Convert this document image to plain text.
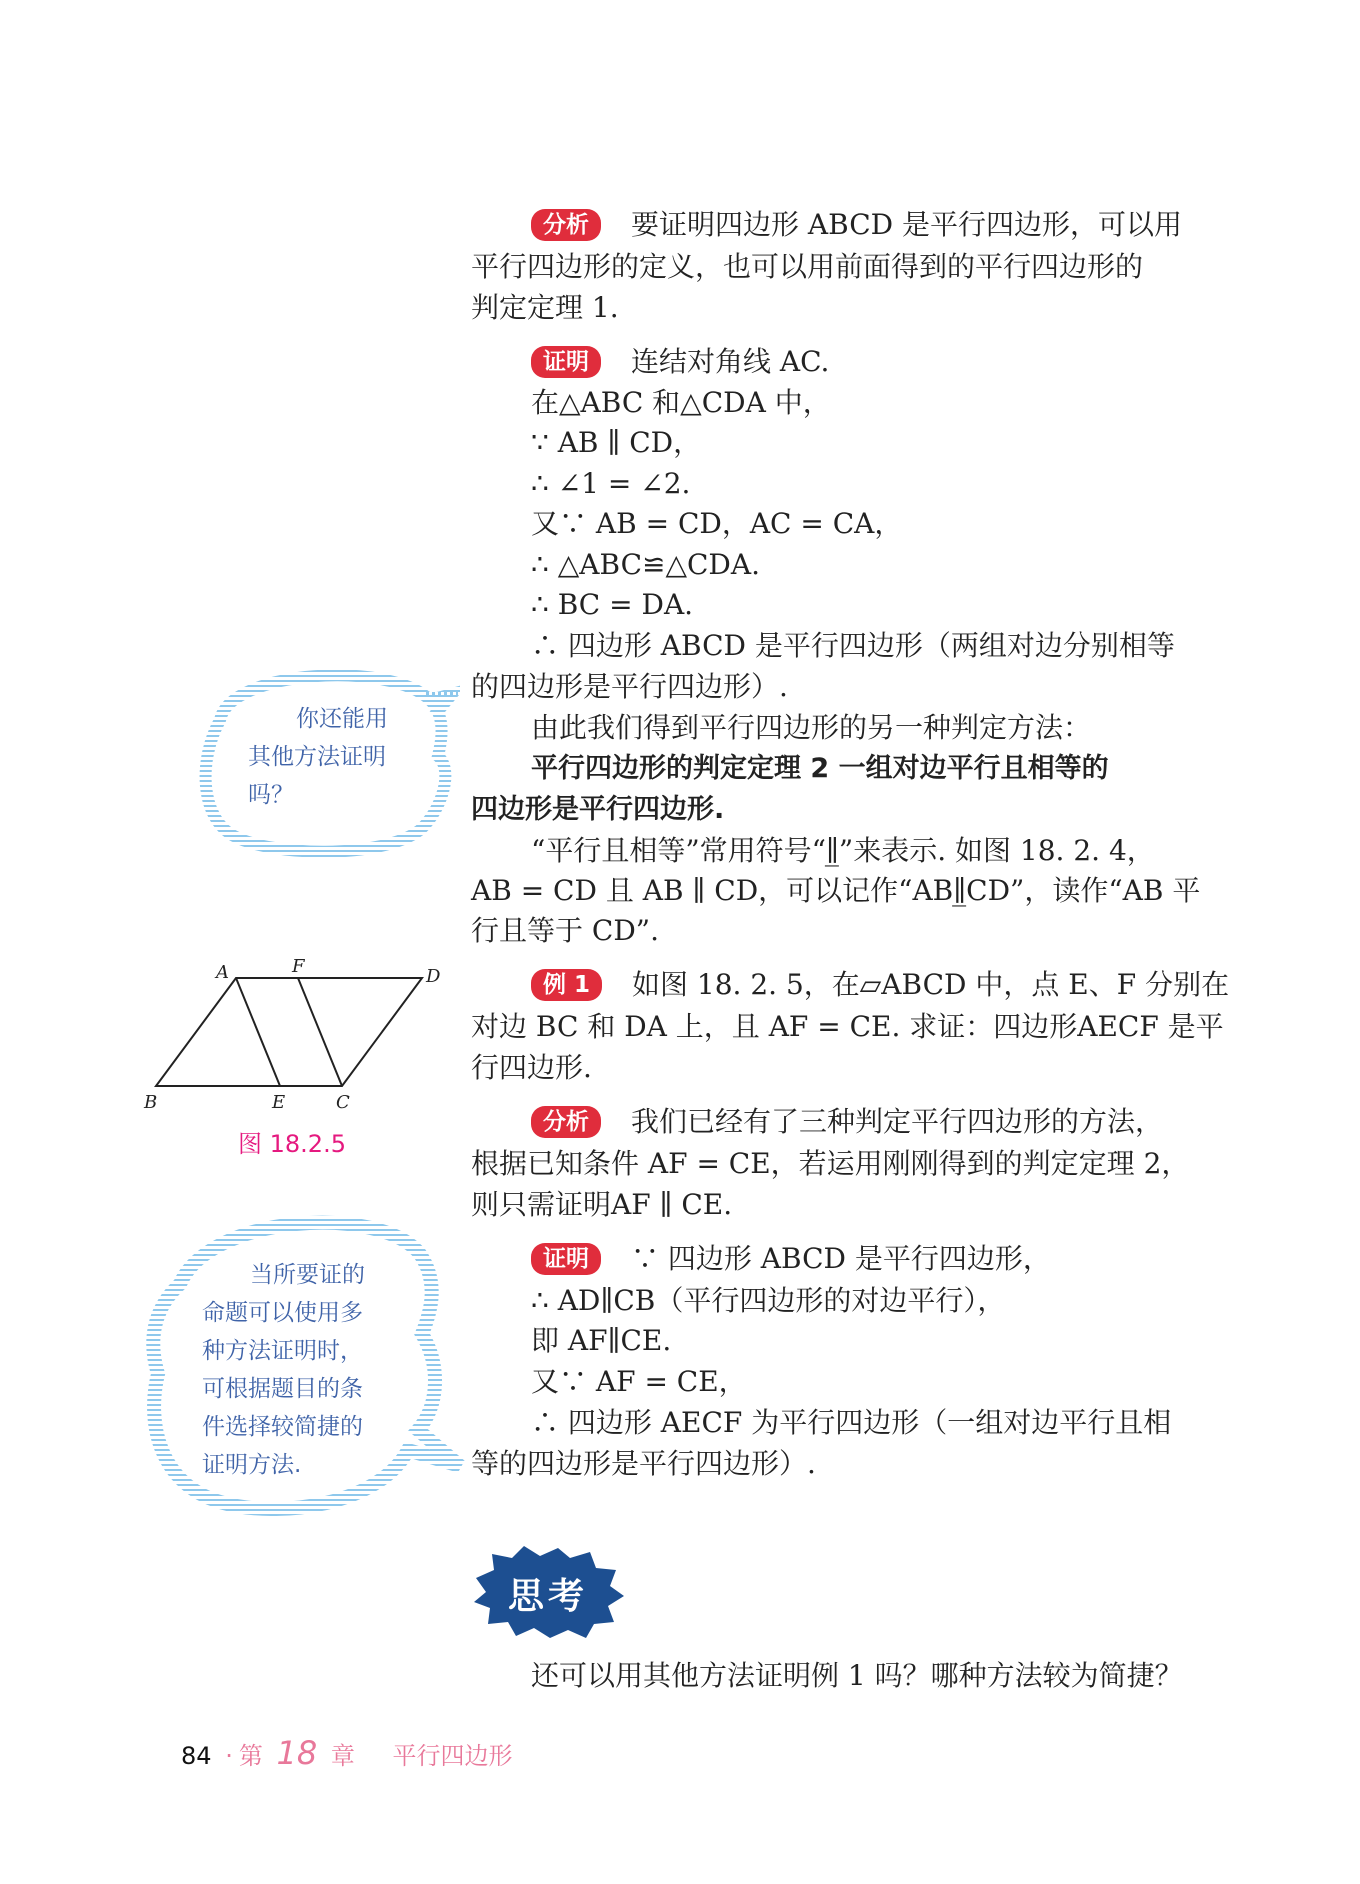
分析 要证明四边形 ABCD 是平行四边形，可以用
平行四边形的定义，也可以用前面得到的平行四边形的
判定定理 1.
证明 连结对角线 AC.
在△ABC 和△CDA 中，
∵ AB ∥ CD，
∴ ∠1 = ∠2.
又∵ AB = CD，AC = CA，
∴ △ABC≌△CDA.
∴ BC = DA.
∴ 四边形 ABCD 是平行四边形（两组对边分别相等
的四边形是平行四边形）.
由此我们得到平行四边形的另一种判定方法：
平行四边形的判定定理 2 一组对边平行且相等的
四边形是平行四边形.
“平行且相等”常用符号“∥̲”来表示. 如图 18. 2. 4，
AB = CD 且 AB ∥ CD，可以记作“AB∥̲CD”，读作“AB 平
行且等于 CD”.
例 1 如图 18. 2. 5，在▱ABCD 中，点 E、F 分别在
对边 BC 和 DA 上，且 AF = CE. 求证：四边形AECF 是平
行四边形.
分析 我们已经有了三种判定平行四边形的方法，
根据已知条件 AF = CE，若运用刚刚得到的判定定理 2，
则只需证明AF ∥ CE.
证明 ∵ 四边形 ABCD 是平行四边形，
∴ AD∥CB（平行四边形的对边平行），
即 AF∥CE.
又∵ AF = CE，
∴ 四边形 AECF 为平行四边形（一组对边平行且相
等的四边形是平行四边形）.
还可以用其他方法证明例 1 吗？哪种方法较为简捷？
思考
你还能用
其他方法证明
吗？
A	F	D
B	E	C
图 18.2.5
当所要证的
命题可以使用多
种方法证明时，
可根据题目的条
件选择较简捷的
证明方法.
84 · 第 18 章 平行四边形
